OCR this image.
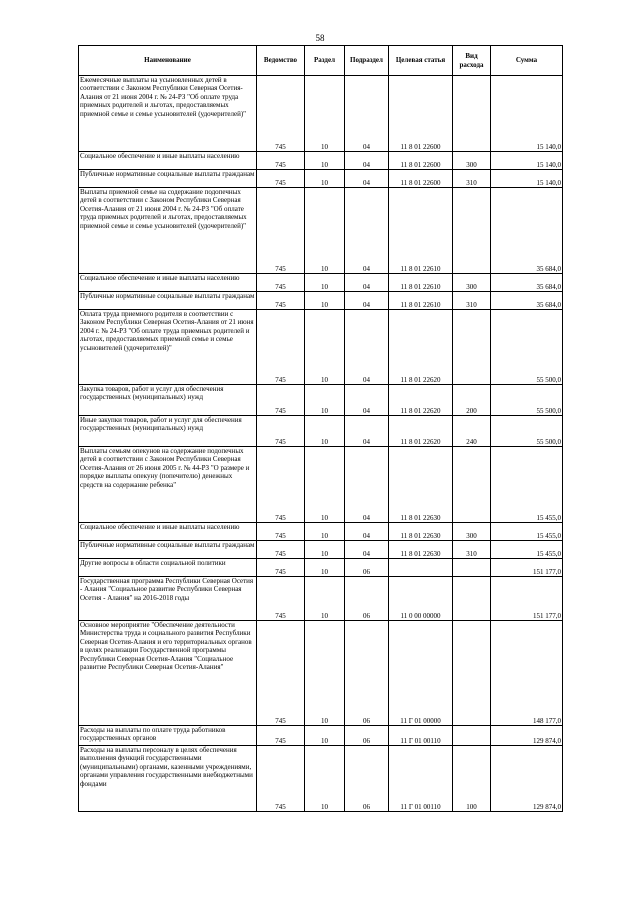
58
Наименование	Ведомство	Раздел	Подраздел	Целевая статья	Вид расхода	Сумма
Ежемесячные выплаты на усыновленных детей в соответствии с Законом Республики Северная Осетия-Алания от 21 июня 2004 г. № 24-РЗ "Об оплате труда приемных родителей и льготах, предоставляемых приемной семье и семье усыновителей (удочерителей)"	745	10	04	11 8 01 22600		15 140,0
Социальное обеспечение и иные выплаты населению	745	10	04	11 8 01 22600	300	15 140,0
Публичные нормативные социальные выплаты гражданам	745	10	04	11 8 01 22600	310	15 140,0
Выплаты приемной семье на содержание подопечных детей в соответствии с Законом Республики Северная Осетия-Алания от 21 июня 2004 г. № 24-РЗ "Об оплате труда приемных родителей и льготах, предоставляемых приемной семье и семье усыновителей (удочерителей)"	745	10	04	11 8 01 22610		35 684,0
Социальное обеспечение и иные выплаты населению	745	10	04	11 8 01 22610	300	35 684,0
Публичные нормативные социальные выплаты гражданам	745	10	04	11 8 01 22610	310	35 684,0
Оплата труда приемного родителя в соответствии с Законом Республики Северная Осетия-Алания от 21 июня 2004 г. № 24-РЗ "Об оплате труда приемных родителей и льготах, предоставляемых приемной семье и семье усыновителей (удочерителей)"	745	10	04	11 8 01 22620		55 500,0
Закупка товаров, работ и услуг для обеспечения государственных (муниципальных) нужд	745	10	04	11 8 01 22620	200	55 500,0
Иные закупки товаров, работ и услуг для обеспечения государственных (муниципальных) нужд	745	10	04	11 8 01 22620	240	55 500,0
Выплаты семьям опекунов на содержание подопечных детей в соответствии с Законом Республики Северная Осетия-Алания от 26 июня 2005 г. № 44-РЗ "О размере и порядке выплаты опекуну (попечителю) денежных средств на содержание ребенка"	745	10	04	11 8 01 22630		15 455,0
Социальное обеспечение и иные выплаты населению	745	10	04	11 8 01 22630	300	15 455,0
Публичные нормативные социальные выплаты гражданам	745	10	04	11 8 01 22630	310	15 455,0
Другие вопросы в области социальной политики	745	10	06			151 177,0
Государственная программа Республики Северная Осетия - Алания "Социальное развитие Республики Северная Осетия - Алания" на 2016-2018 годы	745	10	06	11 0 00 00000		151 177,0
Основное мероприятие "Обеспечение деятельности Министерства труда и социального развития Республики Северная Осетия-Алания и его территориальных органов в целях реализации Государственной программы Республики Северная Осетия-Алания "Социальное развитие Республики Северная Осетия-Алания"	745	10	06	11 Г 01 00000		148 177,0
Расходы на выплаты по оплате труда работников государственных органов	745	10	06	11 Г 01 00110		129 874,0
Расходы на выплаты персоналу в целях обеспечения выполнения функций государственными (муниципальными) органами, казенными учреждениями, органами управления государственными внебюджетными фондами	745	10	06	11 Г 01 00110	100	129 874,0
